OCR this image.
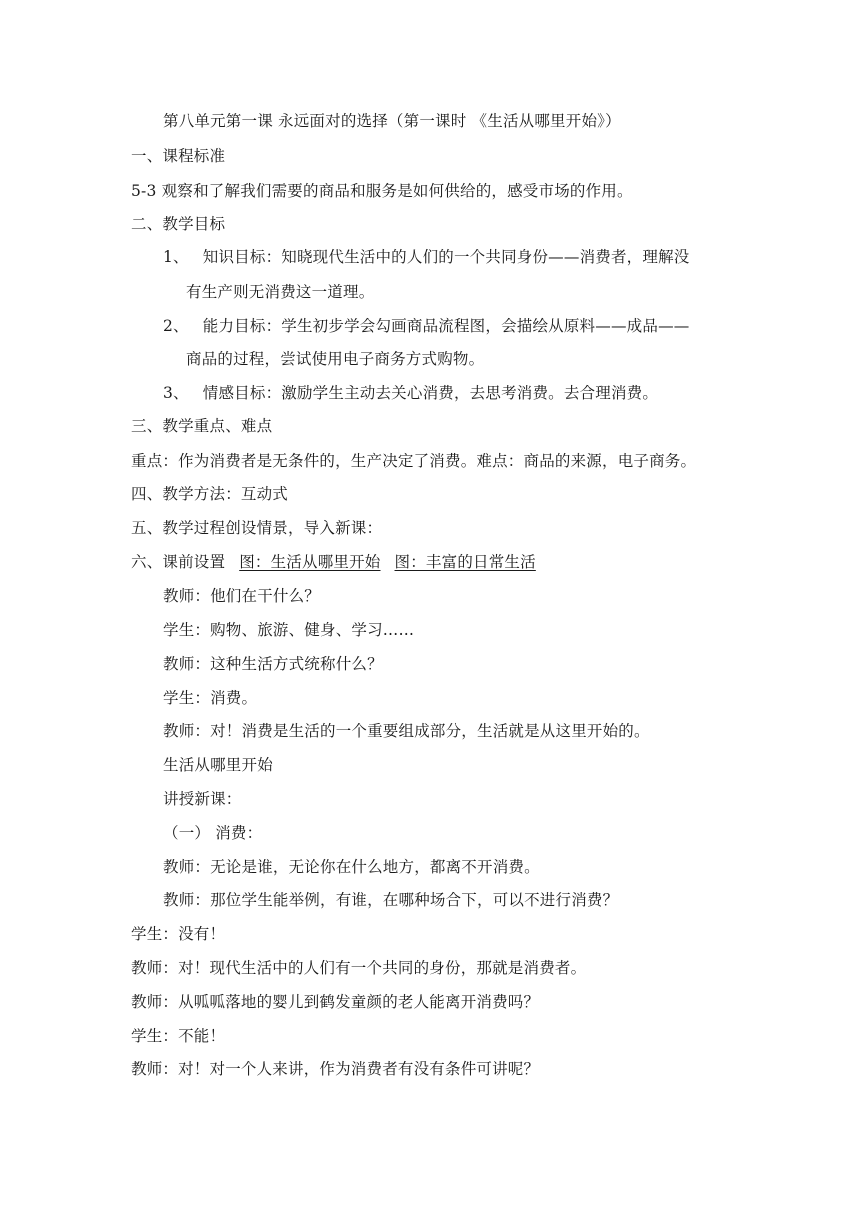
第八单元第一课 永远面对的选择（第一课时 《生活从哪里开始》）
一、课程标准
5-3 观察和了解我们需要的商品和服务是如何供给的，感受市场的作用。
二、教学目标
1、 知识目标：知晓现代生活中的人们的一个共同身份——消费者，理解没
有生产则无消费这一道理。
2、 能力目标：学生初步学会勾画商品流程图，会描绘从原料——成品——
商品的过程，尝试使用电子商务方式购物。
3、 情感目标：激励学生主动去关心消费，去思考消费。去合理消费。
三、教学重点、难点
重点：作为消费者是无条件的，生产决定了消费。难点：商品的来源，电子商务。
四、教学方法：互动式
五、教学过程创设情景，导入新课：
六、课前设置 图：生活从哪里开始 图：丰富的日常生活
教师：他们在干什么？
学生：购物、旅游、健身、学习……
教师：这种生活方式统称什么？
学生：消费。
教师：对！消费是生活的一个重要组成部分，生活就是从这里开始的。
生活从哪里开始
讲授新课：
（一） 消费：
教师：无论是谁，无论你在什么地方，都离不开消费。
教师：那位学生能举例，有谁，在哪种场合下，可以不进行消费？
学生：没有！
教师：对！现代生活中的人们有一个共同的身份，那就是消费者。
教师：从呱呱落地的婴儿到鹤发童颜的老人能离开消费吗？
学生：不能！
教师：对！对一个人来讲，作为消费者有没有条件可讲呢？
